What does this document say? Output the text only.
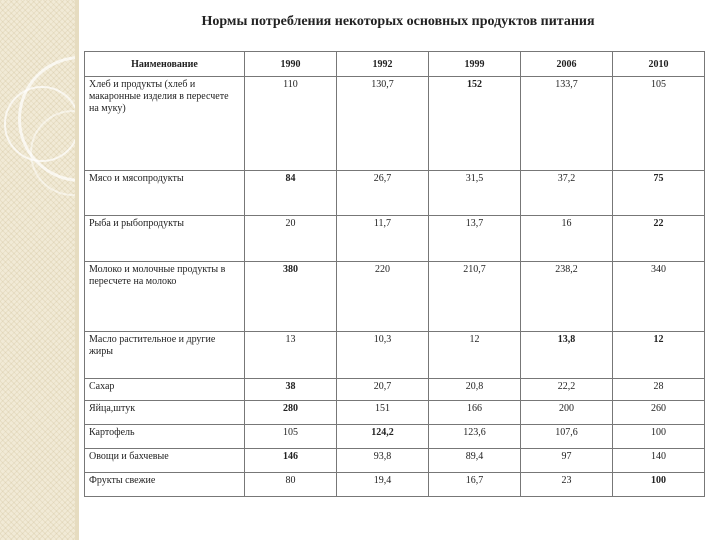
Нормы потребления некоторых основных продуктов питания
Наименование	1990	1992	1999	2006	2010
Хлеб и продукты (хлеб и макаронные изделия в пересчете на муку)	110	130,7	152	133,7	105
Мясо и мясопродукты	84	26,7	31,5	37,2	75
Рыба и рыбопродукты	20	11,7	13,7	16	22
Молоко и молочные продукты в пересчете на молоко	380	220	210,7	238,2	340
Масло растительное и другие жиры	13	10,3	12	13,8	12
Сахар	38	20,7	20,8	22,2	28
Яйца,штук	280	151	166	200	260
Картофель	105	124,2	123,6	107,6	100
Овощи и бахчевые	146	93,8	89,4	97	140
Фрукты свежие	80	19,4	16,7	23	100
